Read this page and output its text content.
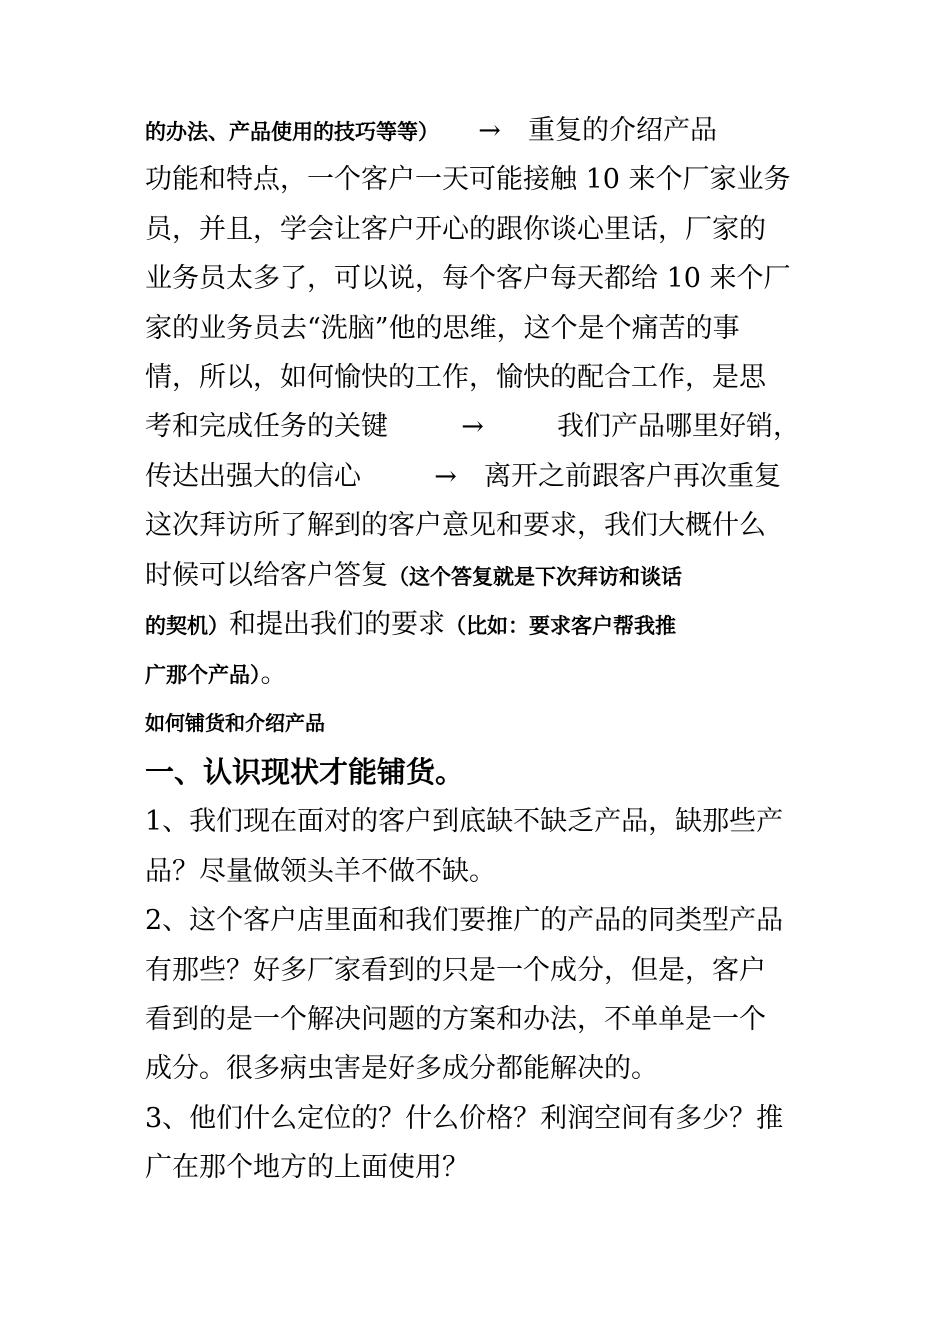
的办法、产品使用的技巧等等） → 重复的介绍产品
功能和特点，一个客户一天可能接触 10 来个厂家业务
员，并且，学会让客户开心的跟你谈心里话，厂家的
业务员太多了，可以说，每个客户每天都给 10 来个厂
家的业务员去“洗脑”他的思维，这个是个痛苦的事
情，所以，如何愉快的工作，愉快的配合工作，是思
考和完成任务的关键	→	我们产品哪里好销，
传达出强大的信心	→ 离开之前跟客户再次重复
这次拜访所了解到的客户意见和要求，我们大概什么
时候可以给客户答复（这个答复就是下次拜访和谈话
的契机）和提出我们的要求（比如：要求客户帮我推
广那个产品）。
如何铺货和介绍产品
一、认识现状才能铺货。
1、我们现在面对的客户到底缺不缺乏产品，缺那些产
品？尽量做领头羊不做不缺。
2、这个客户店里面和我们要推广的产品的同类型产品
有那些？好多厂家看到的只是一个成分，但是，客户
看到的是一个解决问题的方案和办法，不单单是一个
成分。很多病虫害是好多成分都能解决的。
3、他们什么定位的？什么价格？利润空间有多少？推
广在那个地方的上面使用？
